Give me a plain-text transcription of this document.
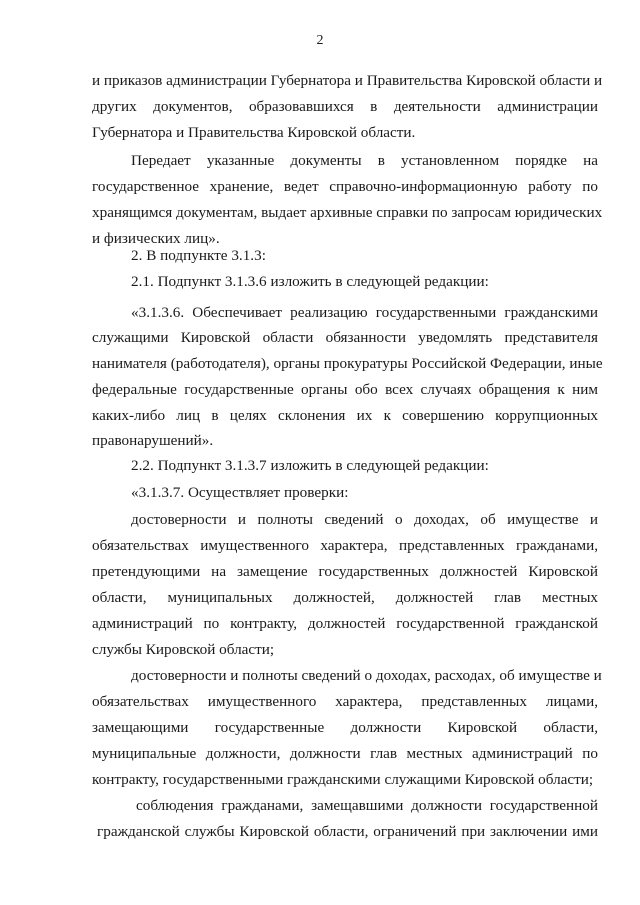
2
и приказов администрации Губернатора и Правительства Кировской области и
других документов, образовавшихся в деятельности администрации
Губернатора и Правительства Кировской области.
Передает указанные документы в установленном порядке на
государственное хранение, ведет справочно-информационную работу по
хранящимся документам, выдает архивные справки по запросам юридических
и физических лиц».
2. В подпункте 3.1.3:
2.1. Подпункт 3.1.3.6 изложить в следующей редакции:
«3.1.3.6. Обеспечивает реализацию государственными гражданскими
служащими Кировской области обязанности уведомлять представителя
нанимателя (работодателя), органы прокуратуры Российской Федерации, иные
федеральные государственные органы обо всех случаях обращения к ним
каких-либо лиц в целях склонения их к совершению коррупционных
правонарушений».
2.2. Подпункт 3.1.3.7 изложить в следующей редакции:
«3.1.3.7. Осуществляет проверки:
достоверности и полноты сведений о доходах, об имуществе и
обязательствах имущественного характера, представленных гражданами,
претендующими на замещение государственных должностей Кировской
области, муниципальных должностей, должностей глав местных
администраций по контракту, должностей государственной гражданской
службы Кировской области;
достоверности и полноты сведений о доходах, расходах, об имуществе и
обязательствах имущественного характера, представленных лицами,
замещающими государственные должности Кировской области,
муниципальные должности, должности глав местных администраций по
контракту, государственными гражданскими служащими Кировской области;
соблюдения гражданами, замещавшими должности государственной
гражданской службы Кировской области, ограничений при заключении ими
